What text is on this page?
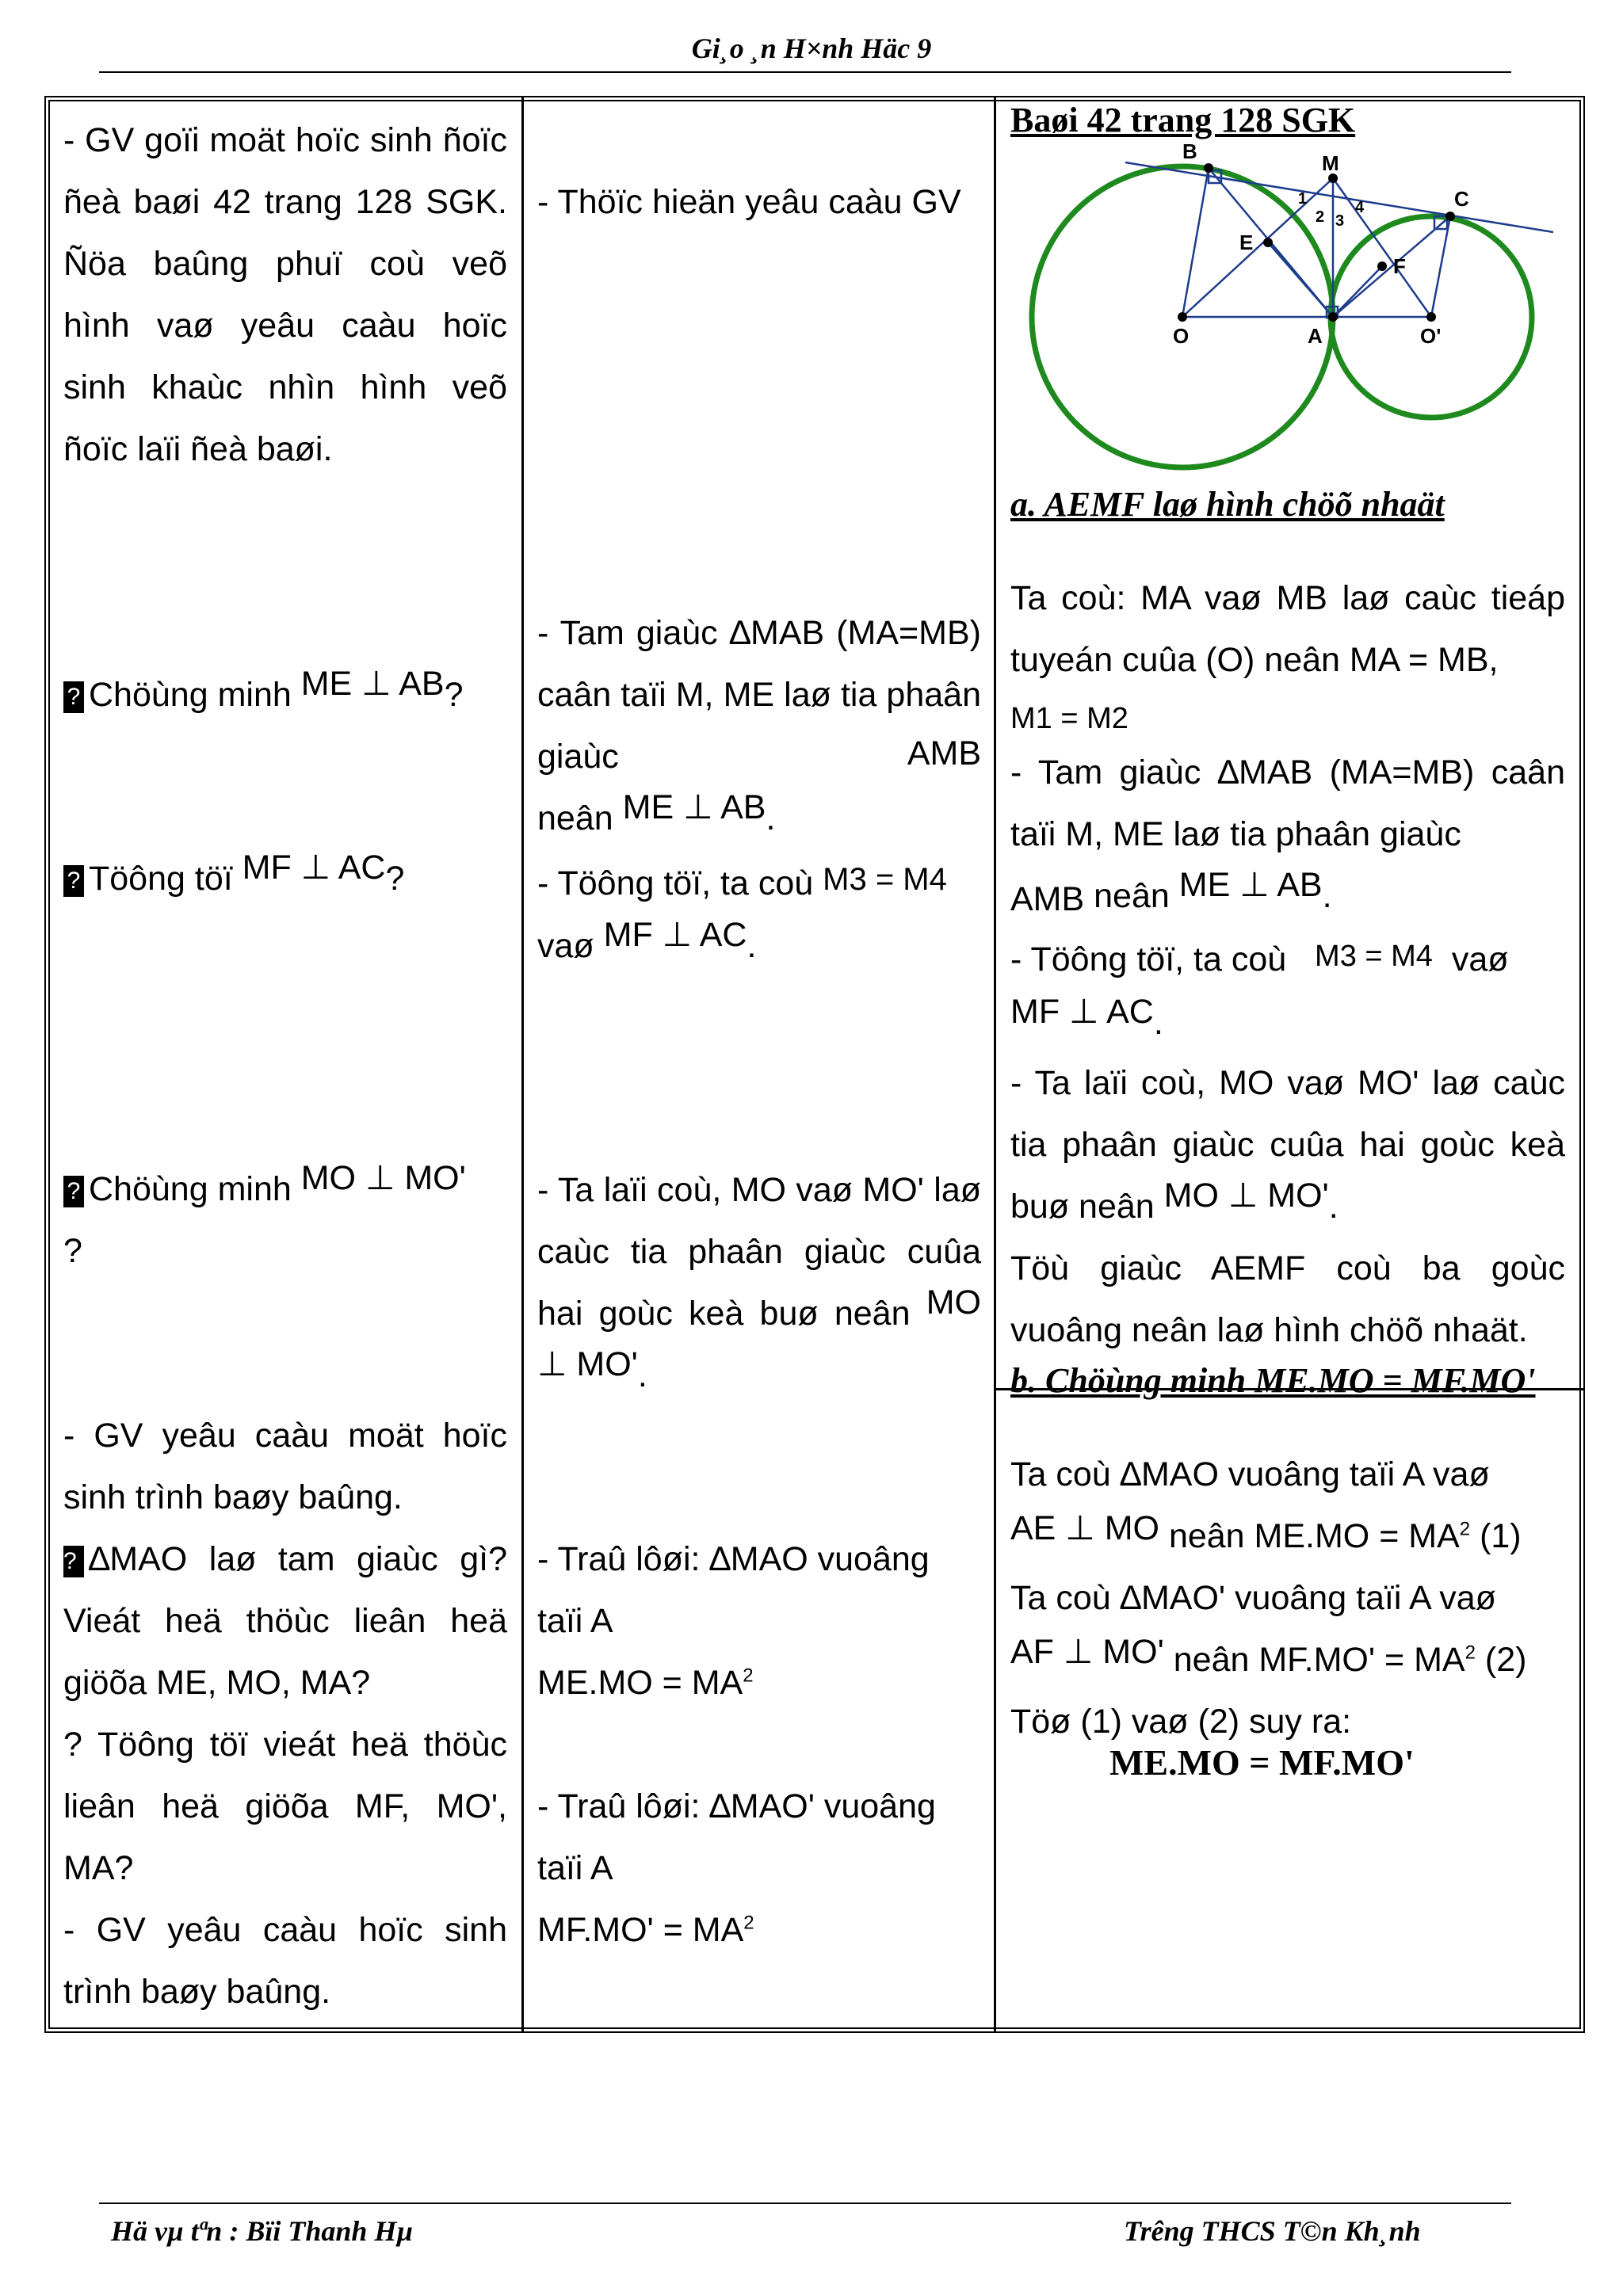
Gi¸o ¸n H×nh Häc 9
Hä vµ tªn : Bïi Thanh Hµ	Trêng THCS T©n Kh¸nh
- GV goïi moät hoïc sinh ñoïc ñeà baøi 42 trang 128 SGK. Ñöa baûng phuï coù veõ hình vaø yeâu caàu hoïc sinh khaùc nhìn hình veõ ñoïc laïi ñeà baøi.
? Chöùng minh ME ⊥ AB?
? Töông töï MF ⊥ AC?
? Chöùng minh MO ⊥ MO'
?
- GV yeâu caàu moät hoïc sinh trình baøy baûng.
? ∆MAO laø tam giaùc gì? Vieát heä thöùc lieân heä giöõa ME, MO, MA?
? Töông töï vieát heä thöùc lieân heä giöõa MF, MO', MA?
- GV yeâu caàu hoïc sinh trình baøy baûng.
- Thöïc hieän yeâu caàu GV
- Tam giaùc ∆MAB (MA=MB) caân taïi M, ME laø tia phaân giaùc	AMB
neân ME ⊥ AB.
- Töông töï, ta coù M3 = M4
vaø MF ⊥ AC.
- Ta laïi coù, MO vaø MO' laø caùc tia phaân giaùc cuûa hai goùc keà buø neân MO ⊥ MO'.
- Traû lôøi: ∆MAO vuoâng taïi A
$ME.MO = MA^2$
- Traû lôøi: ∆MAO' vuoâng taïi A
$MF.MO' = MA^2$
Baøi 42 trang 128 SGK
B	M
C
E
F
O	A	O'
1
2 3
4
a. AEMF laø hình chöõ nhaät
Ta coù: MA vaø MB laø caùc tieáp tuyeán cuûa (O) neân MA = MB,
M1 = M2
- Tam giaùc ∆MAB (MA=MB) caân taïi M, ME laø tia phaân giaùc
AMB neân ME ⊥ AB.
- Töông töï, ta coù M3 = M4 vaø
MF ⊥ AC.
- Ta laïi coù, MO vaø MO' laø caùc tia phaân giaùc cuûa hai goùc keà buø neân MO ⊥ MO'.
Töù giaùc AEMF coù ba goùc vuoâng neân laø hình chöõ nhaät.
b. Chöùng minh ME.MO = MF.MO'
Ta coù ∆MAO vuoâng taïi A vaø
AE ⊥ MO neân $ME.MO = MA^2$ (1)
Ta coù ∆MAO' vuoâng taïi A vaø
AF ⊥ MO' neân $MF.MO' = MA^2$ (2)
Töø (1) vaø (2) suy ra:
ME.MO = MF.MO'
